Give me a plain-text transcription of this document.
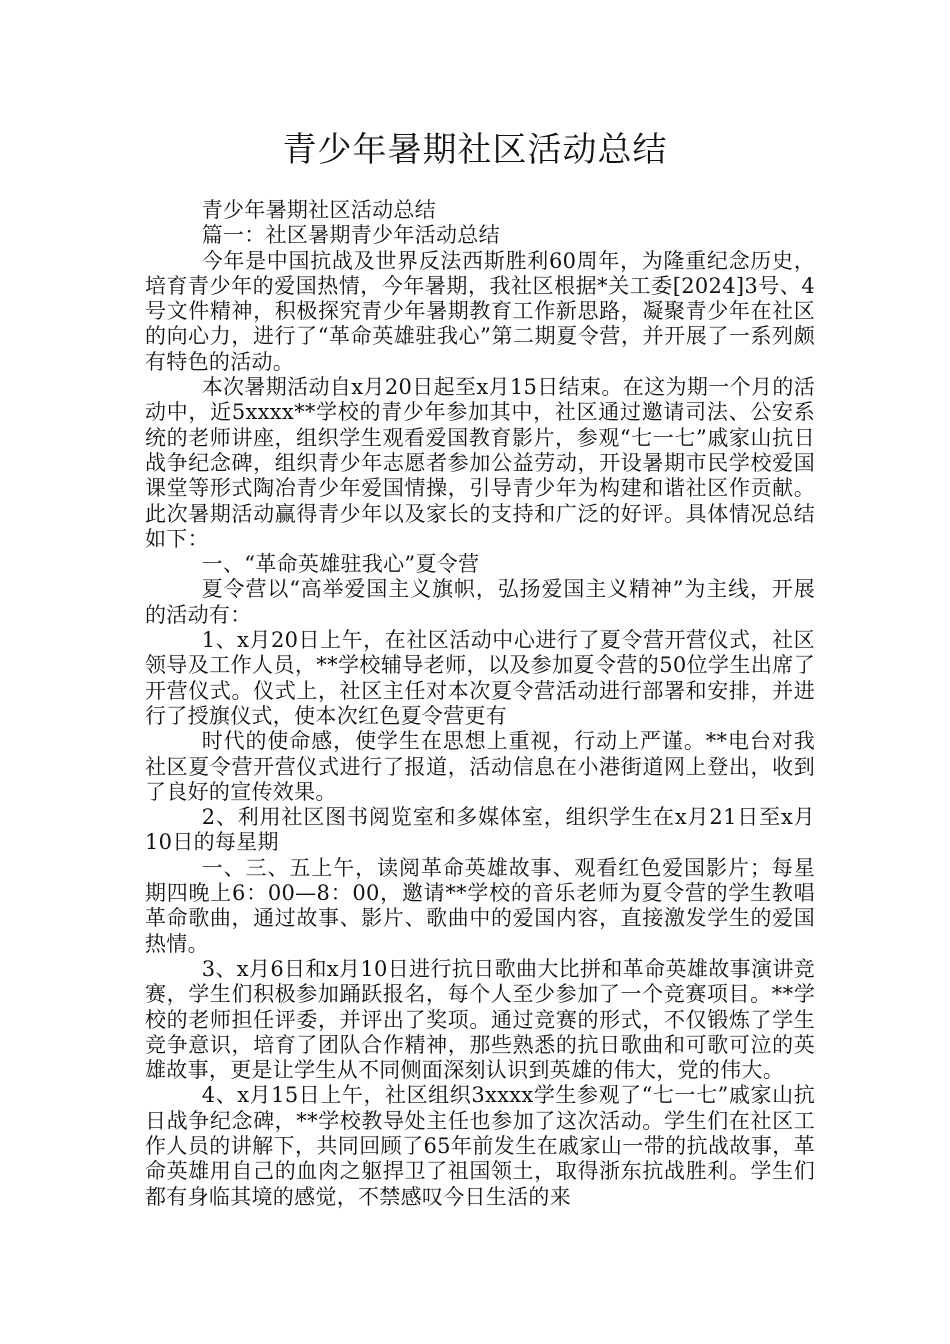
青少年暑期社区活动总结

青少年暑期社区活动总结

篇一：社区暑期青少年活动总结

今年是中国抗战及世界反法西斯胜利60周年，为隆重纪念历史，培育青少年的爱国热情，今年暑期，我社区根据*关工委[2024]3号、4号文件精神，积极探究青少年暑期教育工作新思路，凝聚青少年在社区的向心力，进行了“革命英雄驻我心”第二期夏令营，并开展了一系列颇有特色的活动。

本次暑期活动自x月20日起至x月15日结束。在这为期一个月的活动中，近5xxxx**学校的青少年参加其中，社区通过邀请司法、公安系统的老师讲座，组织学生观看爱国教育影片，参观“七一七”戚家山抗日战争纪念碑，组织青少年志愿者参加公益劳动，开设暑期市民学校爱国课堂等形式陶冶青少年爱国情操，引导青少年为构建和谐社区作贡献。此次暑期活动赢得青少年以及家长的支持和广泛的好评。具体情况总结如下：

一、“革命英雄驻我心”夏令营

夏令营以“高举爱国主义旗帜，弘扬爱国主义精神”为主线，开展的活动有：

1、x月20日上午，在社区活动中心进行了夏令营开营仪式，社区领导及工作人员，**学校辅导老师，以及参加夏令营的50位学生出席了开营仪式。仪式上，社区主任对本次夏令营活动进行部署和安排，并进行了授旗仪式，使本次红色夏令营更有

时代的使命感，使学生在思想上重视，行动上严谨。**电台对我社区夏令营开营仪式进行了报道，活动信息在小港街道网上登出，收到了良好的宣传效果。

2、利用社区图书阅览室和多媒体室，组织学生在x月21日至x月10日的每星期

一、三、五上午，读阅革命英雄故事、观看红色爱国影片；每星期四晚上6：00—8：00，邀请**学校的音乐老师为夏令营的学生教唱革命歌曲，通过故事、影片、歌曲中的爱国内容，直接激发学生的爱国热情。

3、x月6日和x月10日进行抗日歌曲大比拼和革命英雄故事演讲竞赛，学生们积极参加踊跃报名，每个人至少参加了一个竞赛项目。**学校的老师担任评委，并评出了奖项。通过竞赛的形式，不仅锻炼了学生竞争意识，培育了团队合作精神，那些熟悉的抗日歌曲和可歌可泣的英雄故事，更是让学生从不同侧面深刻认识到英雄的伟大，党的伟大。

4、x月15日上午，社区组织3xxxx学生参观了“七一七”戚家山抗日战争纪念碑，**学校教导处主任也参加了这次活动。学生们在社区工作人员的讲解下，共同回顾了65年前发生在戚家山一带的抗战故事，革命英雄用自己的血肉之躯捍卫了祖国领土，取得浙东抗战胜利。学生们都有身临其境的感觉，不禁感叹今日生活的来
